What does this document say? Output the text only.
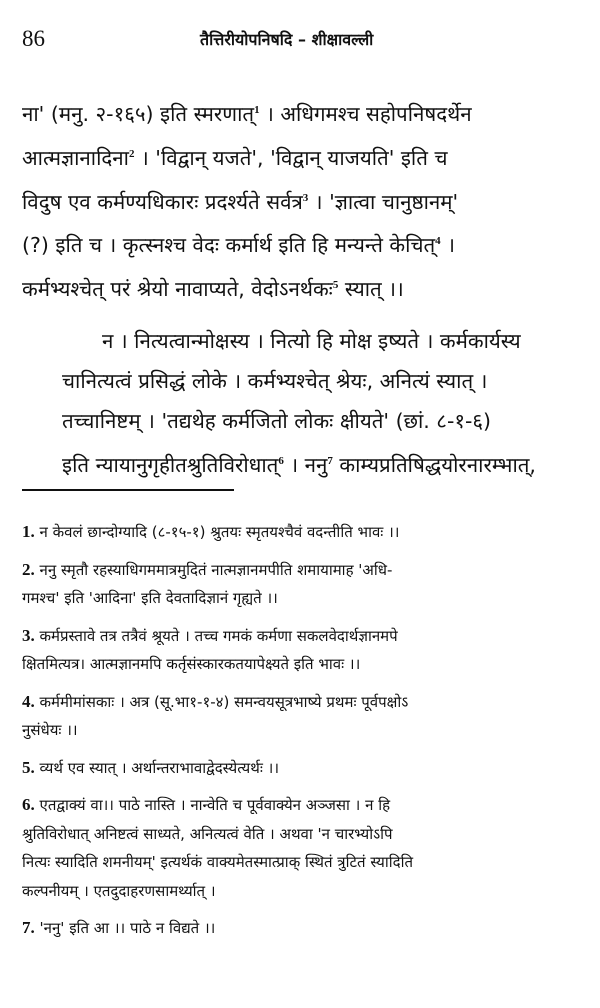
86	तैत्तिरीयोपनिषदि – शीक्षावल्ली

ना' (मनु. २-१६५) इति स्मरणात्$^1$ । अधिगमश्च सहोपनिषदर्थेन
आत्मज्ञानादिना$^2$ । 'विद्वान् यजते', 'विद्वान् याजयति' इति च
विदुष एव कर्मण्यधिकारः प्रदर्श्यते सर्वत्र$^3$ । 'ज्ञात्वा चानुष्ठानम्'
(?) इति च । कृत्स्नश्च वेदः कर्मार्थ इति हि मन्यन्ते केचित्$^4$ ।
कर्मभ्यश्चेत् परं श्रेयो नावाप्यते, वेदोऽनर्थकः$^5$ स्यात् ।।

न । नित्यत्वान्मोक्षस्य । नित्यो हि मोक्ष इष्यते । कर्मकार्यस्य
चानित्यत्वं प्रसिद्धं लोके । कर्मभ्यश्चेत् श्रेयः, अनित्यं स्यात् ।
तच्चानिष्टम् । 'तद्यथेह कर्मजितो लोकः क्षीयते' (छां. ८-१-६)
इति न्यायानुगृहीतश्रुतिविरोधात्$^6$ । ननु$^7$ काम्यप्रतिषिद्धयोरनारम्भात्,

1. न केवलं छान्दोग्यादि (८-१५-१) श्रुतयः स्मृतयश्चैवं वदन्तीति भावः ।।

2. ननु स्मृतौ रहस्याधिगममात्रमुदितं नात्मज्ञानमपीति शमायामाह 'अधि-
गमश्च' इति 'आदिना' इति देवतादिज्ञानं गृह्यते ।।

3. कर्मप्रस्तावे तत्र तत्रैवं श्रूयते । तच्च गमकं कर्मणा सकलवेदार्थज्ञानमपे
क्षितमित्यत्र। आत्मज्ञानमपि कर्तृसंस्कारकतयापेक्ष्यते इति भावः ।।

4. कर्ममीमांसकाः । अत्र (सू.भा१-१-४) समन्वयसूत्रभाष्ये प्रथमः पूर्वपक्षोऽ
नुसंधेयः ।।

5. व्यर्थ एव स्यात् । अर्थान्तराभावाद्वेदस्येत्यर्थः ।।

6. एतद्वाक्यं वा।। पाठे नास्ति । नान्वेति च पूर्ववाक्येन अञ्जसा । न हि
श्रुतिविरोधात् अनिष्टत्वं साध्यते, अनित्यत्वं वेति । अथवा 'न चारभ्योऽपि
नित्यः स्यादिति शमनीयम्' इत्यर्थकं वाक्यमेतस्मात्प्राक् स्थितं त्रुटितं स्यादिति
कल्पनीयम् । एतदुदाहरणसामर्थ्यात् ।

7. 'ननु' इति आ ।। पाठे न विद्यते ।।
